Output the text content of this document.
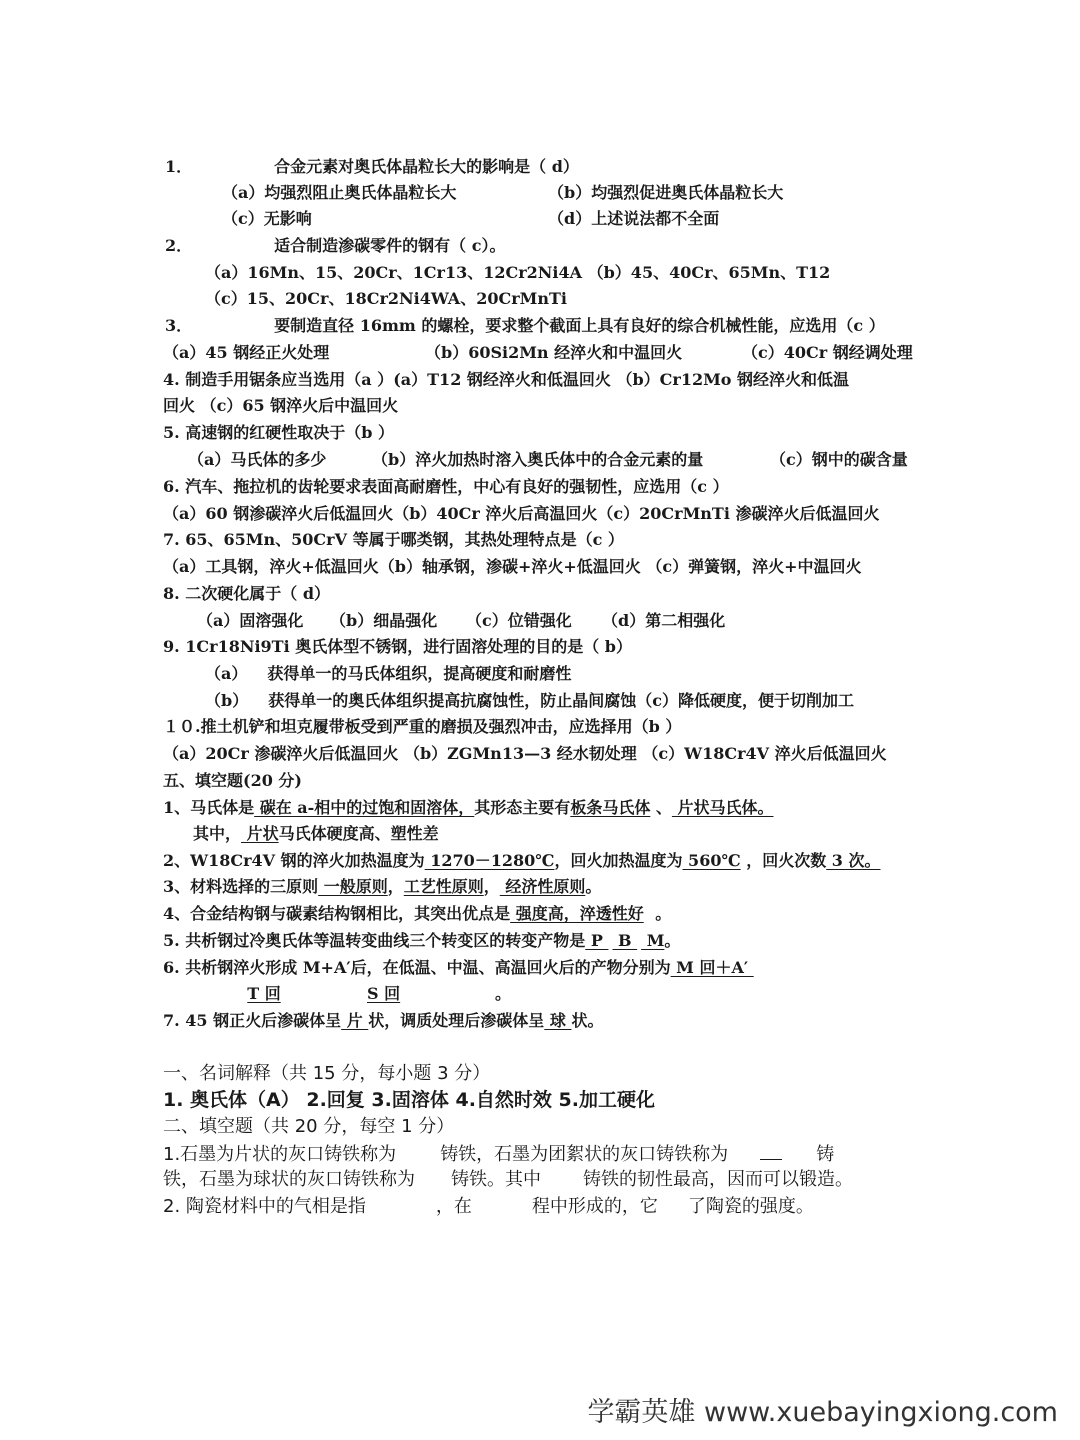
1．	合金元素对奥氏体晶粒长大的影响是（ d）
（a）均强烈阻止奥氏体晶粒长大	（b）均强烈促进奥氏体晶粒长大
（c）无影响	（d）上述说法都不全面
2．	适合制造渗碳零件的钢有（ c）。
（a）16Mn、15、20Cr、1Cr13、12Cr2Ni4A （b）45、40Cr、65Mn、T12
（c）15、20Cr、18Cr2Ni4WA、20CrMnTi
3．	要制造直径 16mm 的螺栓，要求整个截面上具有良好的综合机械性能，应选用（c ）
（a）45 钢经正火处理	（b）60Si2Mn 经淬火和中温回火	（c）40Cr 钢经调处理
4. 制造手用锯条应当选用（a ）(a）T12 钢经淬火和低温回火 （b）Cr12Mo 钢经淬火和低温
回火 （c）65 钢淬火后中温回火
5. 高速钢的红硬性取决于（b ）
（a）马氏体的多少	（b）淬火加热时溶入奥氏体中的合金元素的量	（c）钢中的碳含量
6. 汽车、拖拉机的齿轮要求表面高耐磨性，中心有良好的强韧性，应选用（c ）
（a）60 钢渗碳淬火后低温回火（b）40Cr 淬火后高温回火（c）20CrMnTi 渗碳淬火后低温回火
7. 65、65Mn、50CrV 等属于哪类钢，其热处理特点是（c ）
（a）工具钢，淬火+低温回火（b）轴承钢，渗碳+淬火+低温回火 （c）弹簧钢，淬火+中温回火
8. 二次硬化属于（ d）
（a）固溶强化 （b）细晶强化 （c）位错强化 （d）第二相强化
9. 1Cr18Ni9Ti 奥氏体型不锈钢，进行固溶处理的目的是（ b）
（a） 获得单一的马氏体组织，提高硬度和耐磨性
（b） 获得单一的奥氏体组织提高抗腐蚀性，防止晶间腐蚀（c）降低硬度，便于切削加工
１０.推土机铲和坦克履带板受到严重的磨损及强烈冲击，应选择用（b ）
（a）20Cr 渗碳淬火后低温回火 （b）ZGMn13—3 经水韧处理 （c）W18Cr4V 淬火后低温回火
五、填空题(20 分)
1、马氏体是 碳在 a-相中的过饱和固溶体，其形态主要有板条马氏体 、 片状马氏体。
其中， 片状马氏体硬度高、塑性差
2、W18Cr4V 钢的淬火加热温度为 1270－1280℃，回火加热温度为 560℃ ，回火次数 3 次。
3、材料选择的三原则 一般原则，工艺性原则， 经济性原则。
4、合金结构钢与碳素结构钢相比，其突出优点是 强度高，淬透性好 。
5. 共析钢过冷奥氏体等温转变曲线三个转变区的转变产物是 P  B  M。
6. 共析钢淬火形成 M+A′后，在低温、中温、高温回火后的产物分别为 M 回＋A′
T 回	S 回	。
7. 45 钢正火后渗碳体呈 片 状，调质处理后渗碳体呈 球 状。
一、名词解释（共 15 分，每小题 3 分）
1. 奥氏体（A） 2.回复 3.固溶体 4.自然时效 5.加工硬化
二、填空题（共 20 分，每空 1 分）
1.石墨为片状的灰口铸铁称为 铸铁，石墨为团絮状的灰口铸铁称为	铸
铁，石墨为球状的灰口铸铁称为 铸铁。其中 铸铁的韧性最高，因而可以锻造。
2. 陶瓷材料中的气相是指	，在	程中形成的，它 了陶瓷的强度。
学霸英雄 www.xuebayingxiong.com
